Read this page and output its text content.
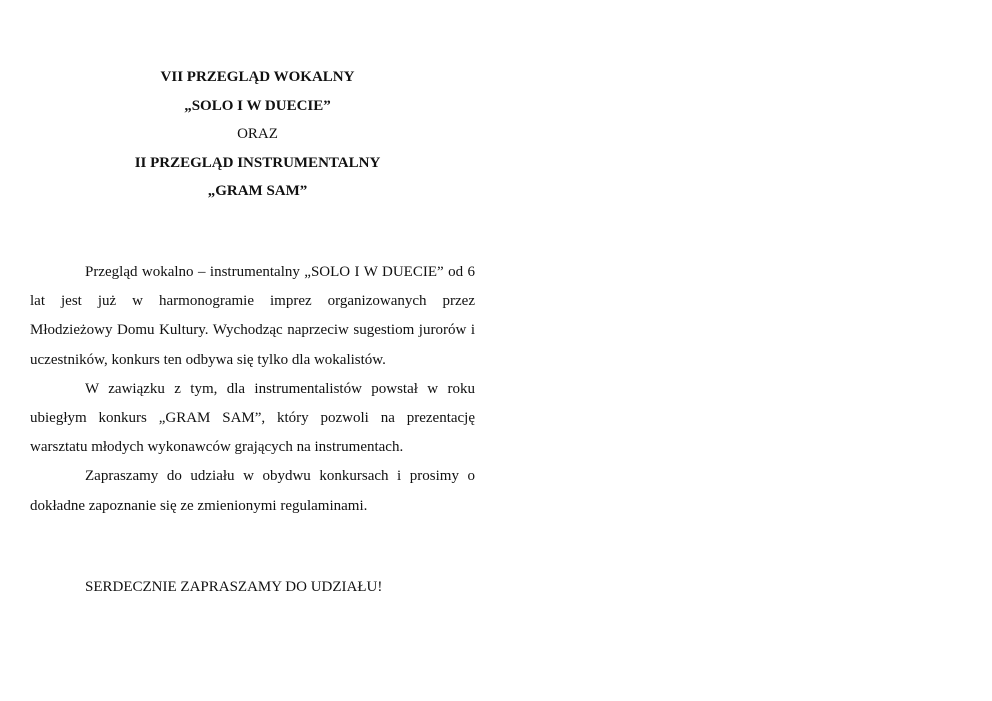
VII PRZEGLĄD WOKALNY

„SOLO I W DUECIE”

ORAZ

II PRZEGLĄD INSTRUMENTALNY

„GRAM SAM”

Przegląd wokalno – instrumentalny „SOLO I W DUECIE” od 6 lat jest już w harmonogramie imprez organizowanych przez Młodzieżowy Domu Kultury. Wychodząc naprzeciw sugestiom jurorów i uczestników, konkurs ten odbywa się tylko dla wokalistów.

W zawiązku z tym, dla instrumentalistów powstał w roku ubiegłym konkurs „GRAM SAM”, który pozwoli na prezentację warsztatu młodych wykonawców grających na instrumentach.

Zapraszamy do udziału w obydwu konkursach i prosimy o dokładne zapoznanie się ze zmienionymi regulaminami.

SERDECZNIE ZAPRASZAMY DO UDZIAŁU!
